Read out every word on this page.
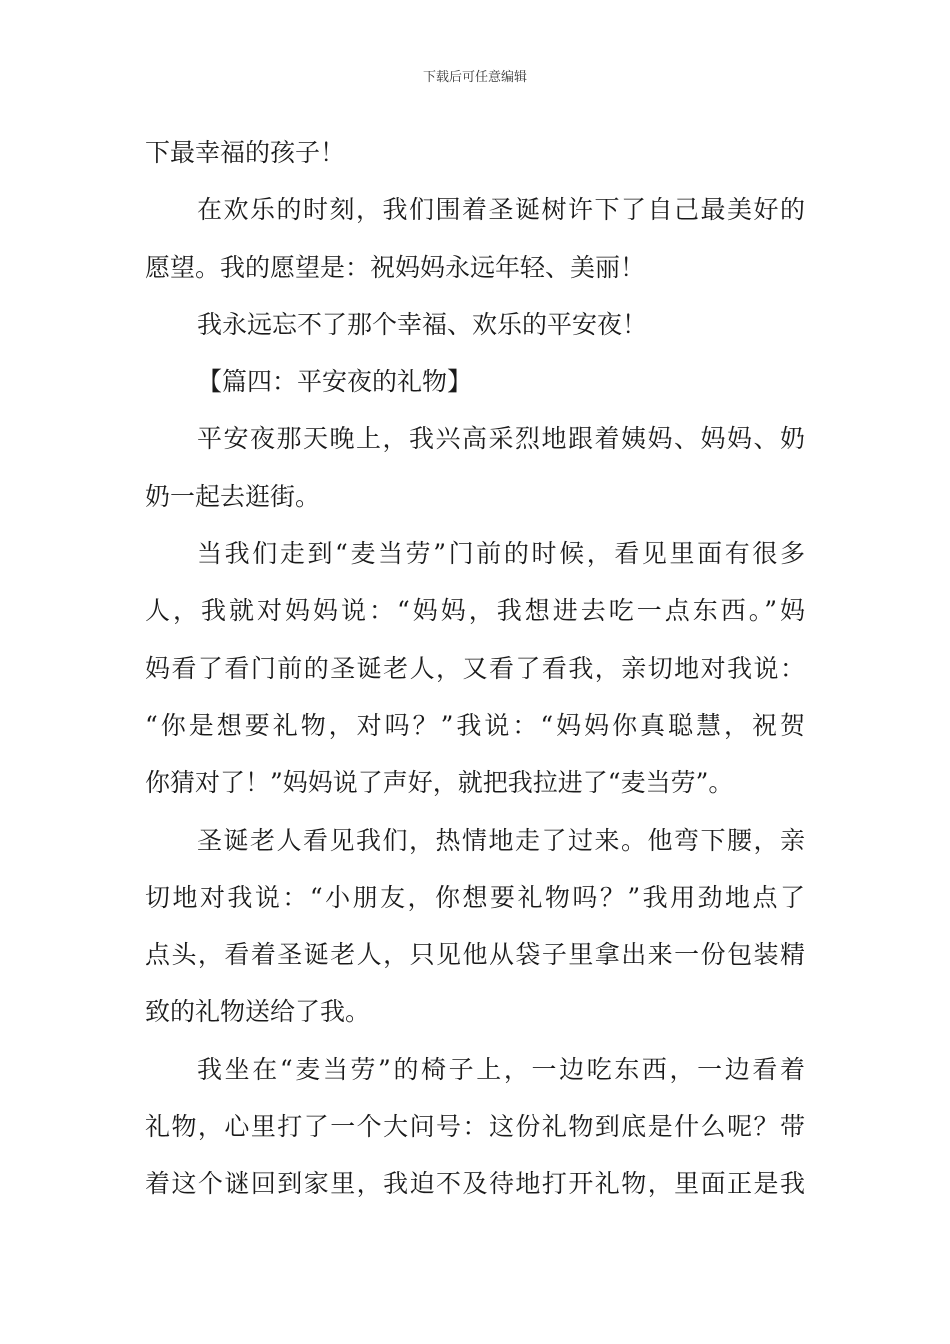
下载后可任意编辑
下最幸福的孩子！
在欢乐的时刻，我们围着圣诞树许下了自己最美好的
愿望。我的愿望是：祝妈妈永远年轻、美丽！
我永远忘不了那个幸福、欢乐的平安夜！
【篇四：平安夜的礼物】
平安夜那天晚上，我兴高采烈地跟着姨妈、妈妈、奶
奶一起去逛街。
当我们走到“麦当劳”门前的时候，看见里面有很多
人，我就对妈妈说：“妈妈，我想进去吃一点东西。”妈
妈看了看门前的圣诞老人，又看了看我，亲切地对我说：
“你是想要礼物，对吗？”我说：“妈妈你真聪慧，祝贺
你猜对了！”妈妈说了声好，就把我拉进了“麦当劳”。
圣诞老人看见我们，热情地走了过来。他弯下腰，亲
切地对我说：“小朋友，你想要礼物吗？”我用劲地点了
点头，看着圣诞老人，只见他从袋子里拿出来一份包装精
致的礼物送给了我。
我坐在“麦当劳”的椅子上，一边吃东西，一边看着
礼物，心里打了一个大问号：这份礼物到底是什么呢？带
着这个谜回到家里，我迫不及待地打开礼物，里面正是我
